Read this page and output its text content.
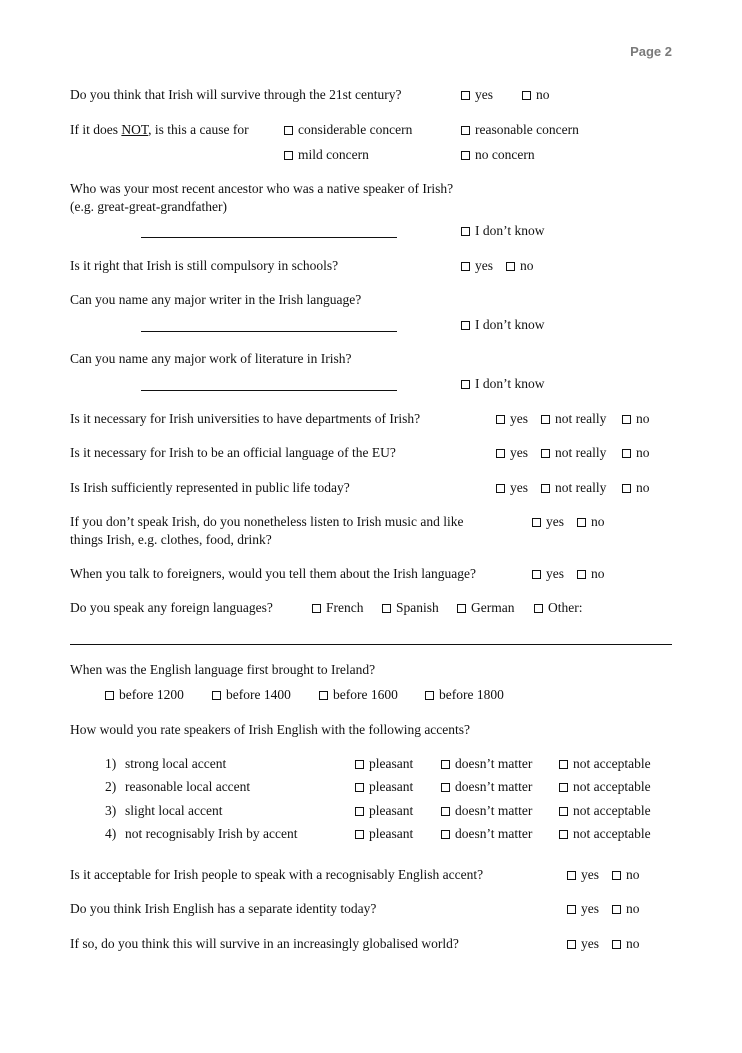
Page 2
Do you think that Irish will survive through the 21st century?	yes	no
If it does NOT, is this a cause for	considerable concern	reasonable concern
mild concern	no concern
Who was your most recent ancestor who was a native speaker of Irish?
(e.g. great-great-grandfather)
I don’t know
Is it right that Irish is still compulsory in schools?	yes no
Can you name any major writer in the Irish language?
I don’t know
Can you name any major work of literature in Irish?
I don’t know
Is it necessary for Irish universities to have departments of Irish?	yes not really no
Is it necessary for Irish to be an official language of the EU?	yes not really no
Is Irish sufficiently represented in public life today?	yes not really no
If you don’t speak Irish, do you nonetheless listen to Irish music and like
things Irish, e.g. clothes, food, drink?
yes no
When you talk to foreigners, would you tell them about the Irish language?	yes no
Do you speak any foreign languages?	French Spanish German Other:
When was the English language first brought to Ireland?
before 1200	before 1400	before 1600	before 1800
How would you rate speakers of Irish English with the following accents?
1) strong local accent	pleasant	doesn’t matter	not acceptable
2) reasonable local accent	pleasant	doesn’t matter	not acceptable
3) slight local accent	pleasant	doesn’t matter	not acceptable
4) not recognisably Irish by accent	pleasant	doesn’t matter	not acceptable
Is it acceptable for Irish people to speak with a recognisably English accent?	yes no
Do you think Irish English has a separate identity today?	yes no
If so, do you think this will survive in an increasingly globalised world?	yes no
